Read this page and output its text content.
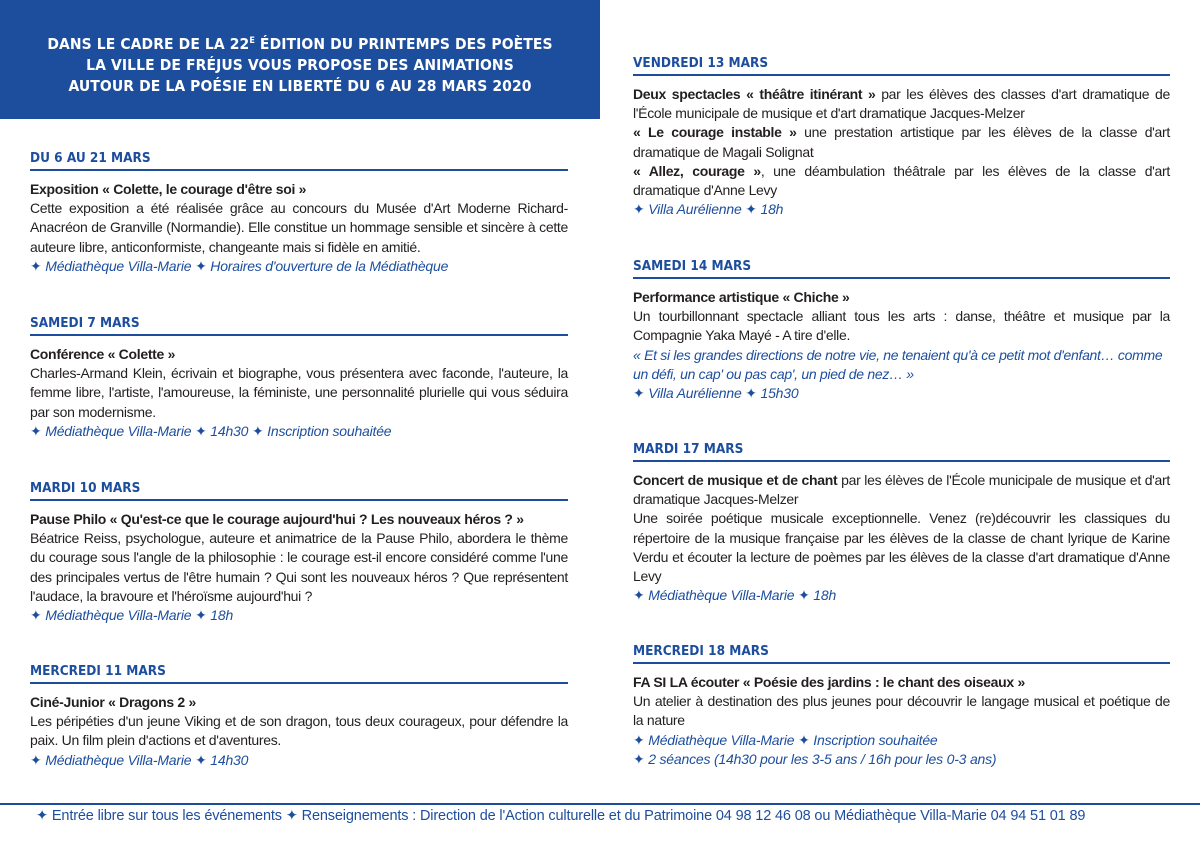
DANS LE CADRE DE LA $22^E$ ÉDITION DU PRINTEMPS DES POÈTES
LA VILLE DE FRÉJUS VOUS PROPOSE DES ANIMATIONS
AUTOUR DE LA POÉSIE EN LIBERTÉ DU 6 AU 28 MARS 2020
DU 6 AU 21 MARS
Exposition « Colette, le courage d'être soi »
Cette exposition a été réalisée grâce au concours du Musée d'Art Moderne Richard-Anacréon de Granville (Normandie). Elle constitue un hommage sensible et sincère à cette auteure libre, anticonformiste, changeante mais si fidèle en amitié.
✦ Médiathèque Villa-Marie ✦ Horaires d'ouverture de la Médiathèque
SAMEDI 7 MARS
Conférence « Colette »
Charles-Armand Klein, écrivain et biographe, vous présentera avec faconde, l'auteure, la femme libre, l'artiste, l'amoureuse, la féministe, une personnalité plurielle qui vous séduira par son modernisme.
✦ Médiathèque Villa-Marie ✦ 14h30 ✦ Inscription souhaitée
MARDI 10 MARS
Pause Philo « Qu'est-ce que le courage aujourd'hui ? Les nouveaux héros ? »
Béatrice Reiss, psychologue, auteure et animatrice de la Pause Philo, abordera le thème du courage sous l'angle de la philosophie : le courage est-il encore considéré comme l'une des principales vertus de l'être humain ? Qui sont les nouveaux héros ? Que représentent l'audace, la bravoure et l'héroïsme aujourd'hui ?
✦ Médiathèque Villa-Marie ✦ 18h
MERCREDI 11 MARS
Ciné-Junior « Dragons 2 »
Les péripéties d'un jeune Viking et de son dragon, tous deux courageux, pour défendre la paix. Un film plein d'actions et d'aventures.
✦ Médiathèque Villa-Marie ✦ 14h30
VENDREDI 13 MARS
Deux spectacles « théâtre itinérant » par les élèves des classes d'art dramatique de l'École municipale de musique et d'art dramatique Jacques-Melzer
« Le courage instable » une prestation artistique par les élèves de la classe d'art dramatique de Magali Solignat
« Allez, courage », une déambulation théâtrale par les élèves de la classe d'art dramatique d'Anne Levy
✦ Villa Aurélienne ✦ 18h
SAMEDI 14 MARS
Performance artistique « Chiche »
Un tourbillonnant spectacle alliant tous les arts : danse, théâtre et musique par la Compagnie Yaka Mayé - A tire d'elle.
« Et si les grandes directions de notre vie, ne tenaient qu'à ce petit mot d'enfant… comme un défi, un cap' ou pas cap', un pied de nez… »
✦ Villa Aurélienne ✦ 15h30
MARDI 17 MARS
Concert de musique et de chant par les élèves de l'École municipale de musique et d'art dramatique Jacques-Melzer
Une soirée poétique musicale exceptionnelle. Venez (re)découvrir les classiques du répertoire de la musique française par les élèves de la classe de chant lyrique de Karine Verdu et écouter la lecture de poèmes par les élèves de la classe d'art dramatique d'Anne Levy
✦ Médiathèque Villa-Marie ✦ 18h
MERCREDI 18 MARS
FA SI LA écouter « Poésie des jardins : le chant des oiseaux »
Un atelier à destination des plus jeunes pour découvrir le langage musical et poétique de la nature
✦ Médiathèque Villa-Marie ✦ Inscription souhaitée
✦ 2 séances (14h30 pour les 3-5 ans / 16h pour les 0-3 ans)
✦ Entrée libre sur tous les événements ✦ Renseignements : Direction de l'Action culturelle et du Patrimoine 04 98 12 46 08 ou Médiathèque Villa-Marie 04 94 51 01 89
